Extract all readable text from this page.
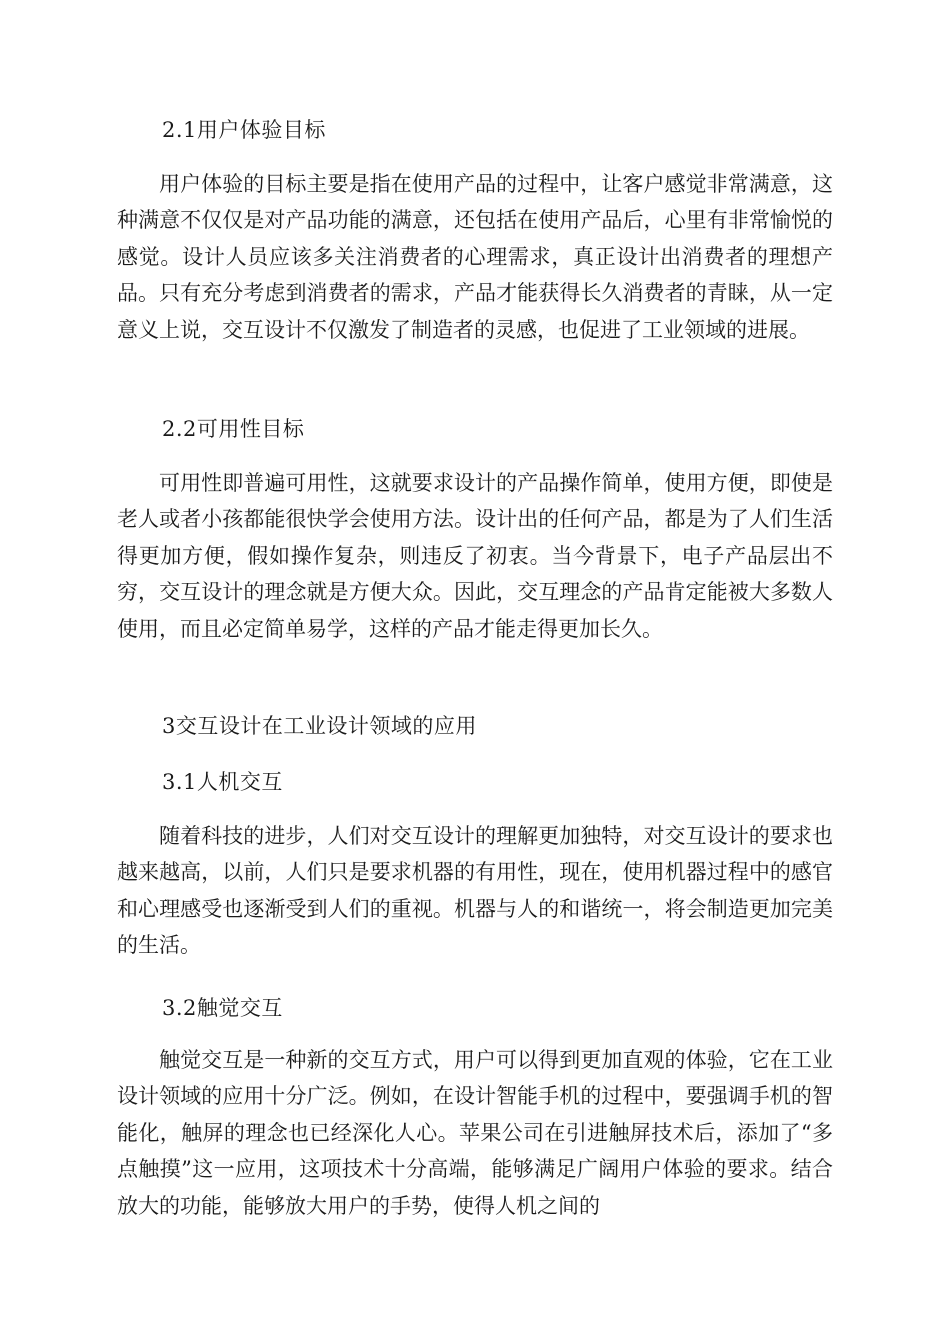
2.1用户体验目标

用户体验的目标主要是指在使用产品的过程中，让客户感觉非常满意，这种满意不仅仅是对产品功能的满意，还包括在使用产品后，心里有非常愉悦的感觉。设计人员应该多关注消费者的心理需求，真正设计出消费者的理想产品。只有充分考虑到消费者的需求，产品才能获得长久消费者的青睐，从一定意义上说，交互设计不仅激发了制造者的灵感，也促进了工业领域的进展。

2.2可用性目标

可用性即普遍可用性，这就要求设计的产品操作简单，使用方便，即使是老人或者小孩都能很快学会使用方法。设计出的任何产品，都是为了人们生活得更加方便，假如操作复杂，则违反了初衷。当今背景下，电子产品层出不穷，交互设计的理念就是方便大众。因此，交互理念的产品肯定能被大多数人使用，而且必定简单易学，这样的产品才能走得更加长久。

3交互设计在工业设计领域的应用
3.1人机交互

随着科技的进步，人们对交互设计的理解更加独特，对交互设计的要求也越来越高，以前，人们只是要求机器的有用性，现在，使用机器过程中的感官和心理感受也逐渐受到人们的重视。机器与人的和谐统一，将会制造更加完美的生活。

3.2触觉交互

触觉交互是一种新的交互方式，用户可以得到更加直观的体验，它在工业设计领域的应用十分广泛。例如，在设计智能手机的过程中，要强调手机的智能化，触屏的理念也已经深化人心。苹果公司在引进触屏技术后，添加了“多点触摸”这一应用，这项技术十分高端，能够满足广阔用户体验的要求。结合放大的功能，能够放大用户的手势，使得人机之间的
